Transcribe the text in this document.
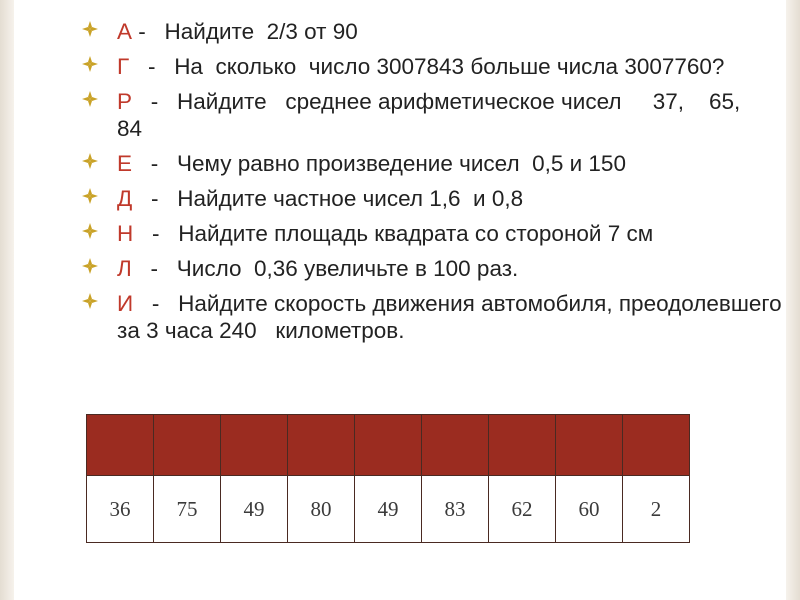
А -   Найдите  2/3 от 90
Г   -   На  сколько  число 3007843 больше числа 3007760?
Р   -   Найдите   среднее арифметическое чисел     37,    65,     84
Е   -   Чему равно произведение чисел  0,5 и 150
Д   -   Найдите частное чисел 1,6  и 0,8
Н   -   Найдите площадь квадрата со стороной 7 см
Л   -   Число  0,36 увеличьте в 100 раз.
И   -   Найдите скорость движения автомобиля, преодолевшего за 3 часа 240   километров.

36	75	49	80	49	83	62	60	2
